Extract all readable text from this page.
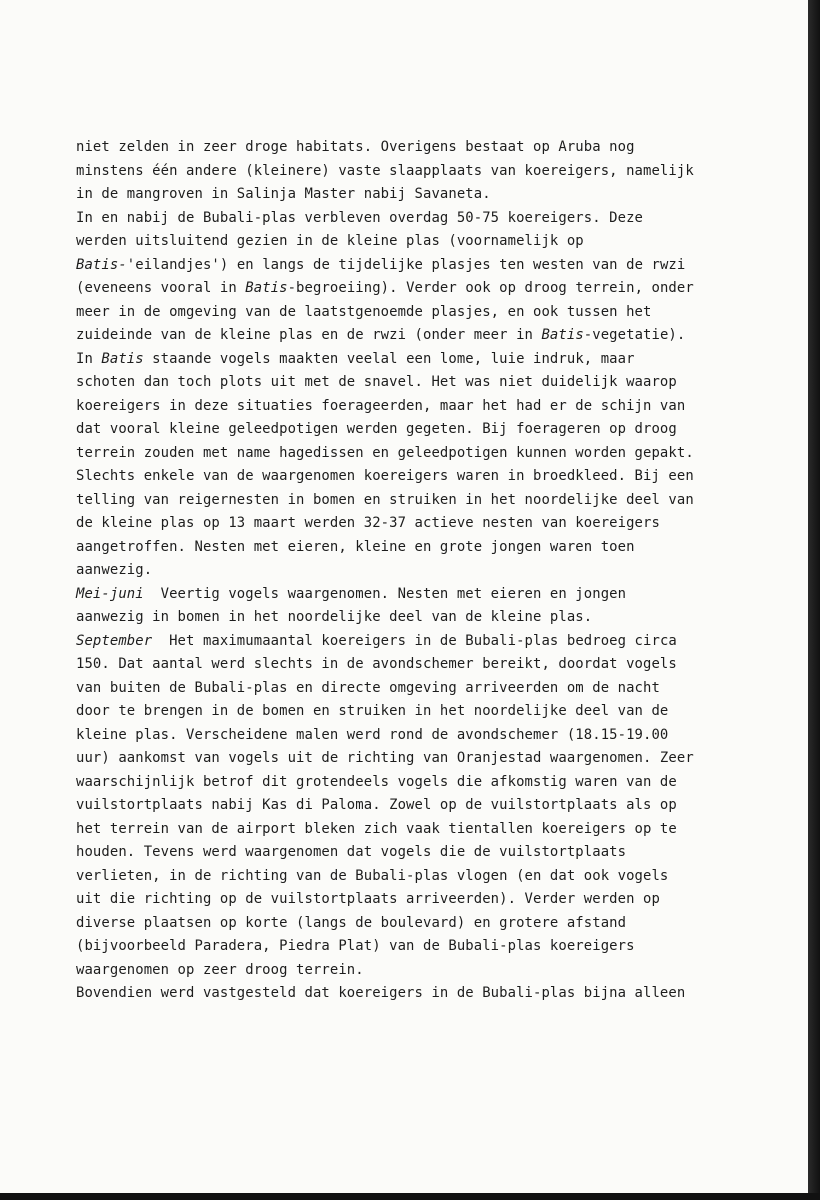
niet zelden in zeer droge habitats. Overigens bestaat op Aruba nog
minstens één andere (kleinere) vaste slaapplaats van koereigers, namelijk
in de mangroven in Salinja Master nabij Savaneta.
In en nabij de Bubali-plas verbleven overdag 50-75 koereigers. Deze
werden uitsluitend gezien in de kleine plas (voornamelijk op
Batis-'eilandjes') en langs de tijdelijke plasjes ten westen van de rwzi
(eveneens vooral in Batis-begroeiing). Verder ook op droog terrein, onder
meer in de omgeving van de laatstgenoemde plasjes, en ook tussen het
zuideinde van de kleine plas en de rwzi (onder meer in Batis-vegetatie).
In Batis staande vogels maakten veelal een lome, luie indruk, maar
schoten dan toch plots uit met de snavel. Het was niet duidelijk waarop
koereigers in deze situaties foerageerden, maar het had er de schijn van
dat vooral kleine geleedpotigen werden gegeten. Bij foerageren op droog
terrein zouden met name hagedissen en geleedpotigen kunnen worden gepakt.
Slechts enkele van de waargenomen koereigers waren in broedkleed. Bij een
telling van reigernesten in bomen en struiken in het noordelijke deel van
de kleine plas op 13 maart werden 32-37 actieve nesten van koereigers
aangetroffen. Nesten met eieren, kleine en grote jongen waren toen
aanwezig.
Mei-juni  Veertig vogels waargenomen. Nesten met eieren en jongen
aanwezig in bomen in het noordelijke deel van de kleine plas.
September  Het maximumaantal koereigers in de Bubali-plas bedroeg circa
150. Dat aantal werd slechts in de avondschemer bereikt, doordat vogels
van buiten de Bubali-plas en directe omgeving arriveerden om de nacht
door te brengen in de bomen en struiken in het noordelijke deel van de
kleine plas. Verscheidene malen werd rond de avondschemer (18.15-19.00
uur) aankomst van vogels uit de richting van Oranjestad waargenomen. Zeer
waarschijnlijk betrof dit grotendeels vogels die afkomstig waren van de
vuilstortplaats nabij Kas di Paloma. Zowel op de vuilstortplaats als op
het terrein van de airport bleken zich vaak tientallen koereigers op te
houden. Tevens werd waargenomen dat vogels die de vuilstortplaats
verlieten, in de richting van de Bubali-plas vlogen (en dat ook vogels
uit die richting op de vuilstortplaats arriveerden). Verder werden op
diverse plaatsen op korte (langs de boulevard) en grotere afstand
(bijvoorbeeld Paradera, Piedra Plat) van de Bubali-plas koereigers
waargenomen op zeer droog terrein.
Bovendien werd vastgesteld dat koereigers in de Bubali-plas bijna alleen
